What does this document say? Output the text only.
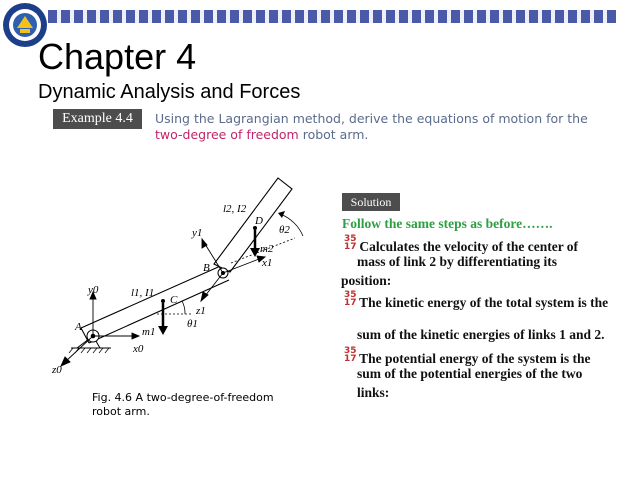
Chapter 4
Dynamic Analysis and Forces
Example 4.4	Using the Lagrangian method, derive the equations of motion for the two-degree of freedom robot arm.
A
B
C
D
l1, I1
l2, I2
m1
m2
θ1
θ2
y0
x0
z0
x1
y1
z1
Fig. 4.6 A two-degree-of-freedom robot arm.
Solution
Follow the same steps as before…….
35
17 Calculates the velocity of the center of
mass of link 2 by differentiating its
position:
35
17 The kinetic energy of the total system is the
sum of the kinetic energies of links 1 and 2.
35
17 The potential energy of the system is the
sum of the potential energies of the two
links:
